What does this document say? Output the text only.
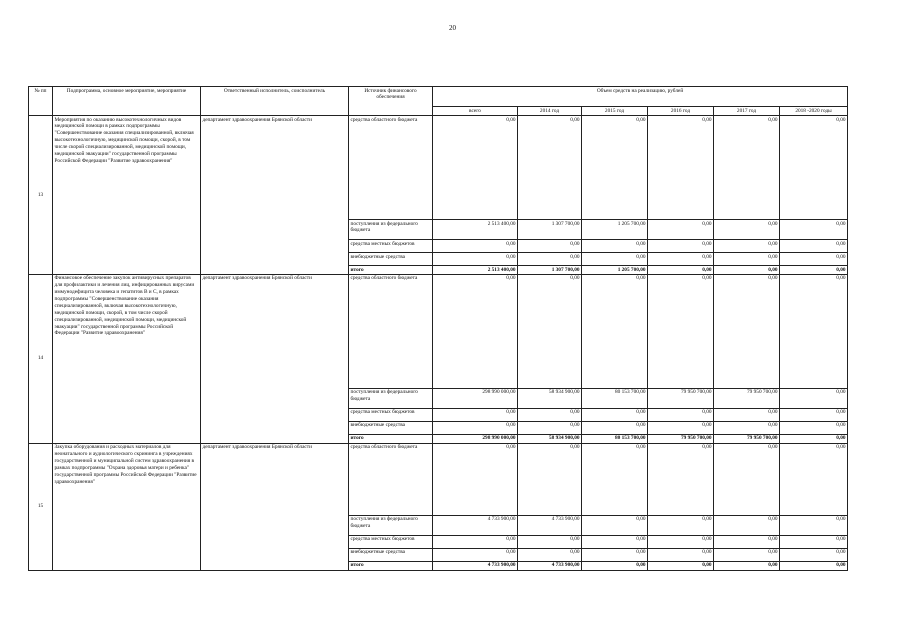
20
№ пп	Подпрограмма, основное мероприятие, мероприятие	Ответственный исполнитель, соисполнитель	Источник финансового обеспечения	Объем средств на реализацию, рублей					
				всего	2014 год	2015 год	2016 год	2017 год	2018 -2020 годы
13	Мероприятия по оказанию высокотехнологичных видов медицинской помощи в рамках подпрограммы "Совершенствование оказания специализированной, включая высокотехнологичную, медицинской помощи, скорой, в том числе скорой специализированной, медицинской помощи, медицинской эвакуации" государственной программы Российской Федерации "Развитие здравоохранения"	департамент здравоохранения Брянской области	средства областного бюджета	0,00	0,00	0,00	0,00	0,00	0,00
			поступления из федерального бюджета	2 513 400,00	1 307 700,00	1 205 700,00	0,00	0,00	0,00
			средства местных бюджетов	0,00	0,00	0,00	0,00	0,00	0,00
			внебюджетные средства	0,00	0,00	0,00	0,00	0,00	0,00
			итого	2 513 400,00	1 307 700,00	1 205 700,00	0,00	0,00	0,00
14	Финансовое обеспечение закупок антивирусных препаратов для профилактики и лечения лиц, инфицированных вирусами иммунодефицита человека и гепатитов В и С, в рамках подпрограммы "Совершенствование оказания специализированной, включая высокотехнологичную, медицинской помощи, скорой, в том числе скорой специализированной, медицинской помощи, медицинской эвакуации" государственной программы Российской Федерации "Развитие здравоохранения"	департамент здравоохранения Брянской области	средства областного бюджета	0,00	0,00	0,00	0,00	0,00	0,00
			поступления из федерального бюджета	298 990 000,00	58 934 900,00	80 153 700,00	79 950 700,00	79 950 700,00	0,00
			средства местных бюджетов	0,00	0,00	0,00	0,00	0,00	0,00
			внебюджетные средства	0,00	0,00	0,00	0,00	0,00	0,00
			итого	298 990 000,00	58 934 900,00	80 153 700,00	79 950 700,00	79 950 700,00	0,00
15	Закупка оборудования и расходных материалов для неонатального и аудиологического скрининга в учреждениях государственной и муниципальной систем здравоохранения в рамках подпрограммы "Охрана здоровья матери и ребенка" государственной программы Российской Федерации "Развитие здравоохранения"	департамент здравоохранения Брянской области	средства областного бюджета	0,00	0,00	0,00	0,00	0,00	0,00
			поступления из федерального бюджета	4 733 900,00	4 733 900,00	0,00	0,00	0,00	0,00
			средства местных бюджетов	0,00	0,00	0,00	0,00	0,00	0,00
			внебюджетные средства	0,00	0,00	0,00	0,00	0,00	0,00
			итого	4 733 900,00	4 733 900,00	0,00	0,00	0,00	0,00
